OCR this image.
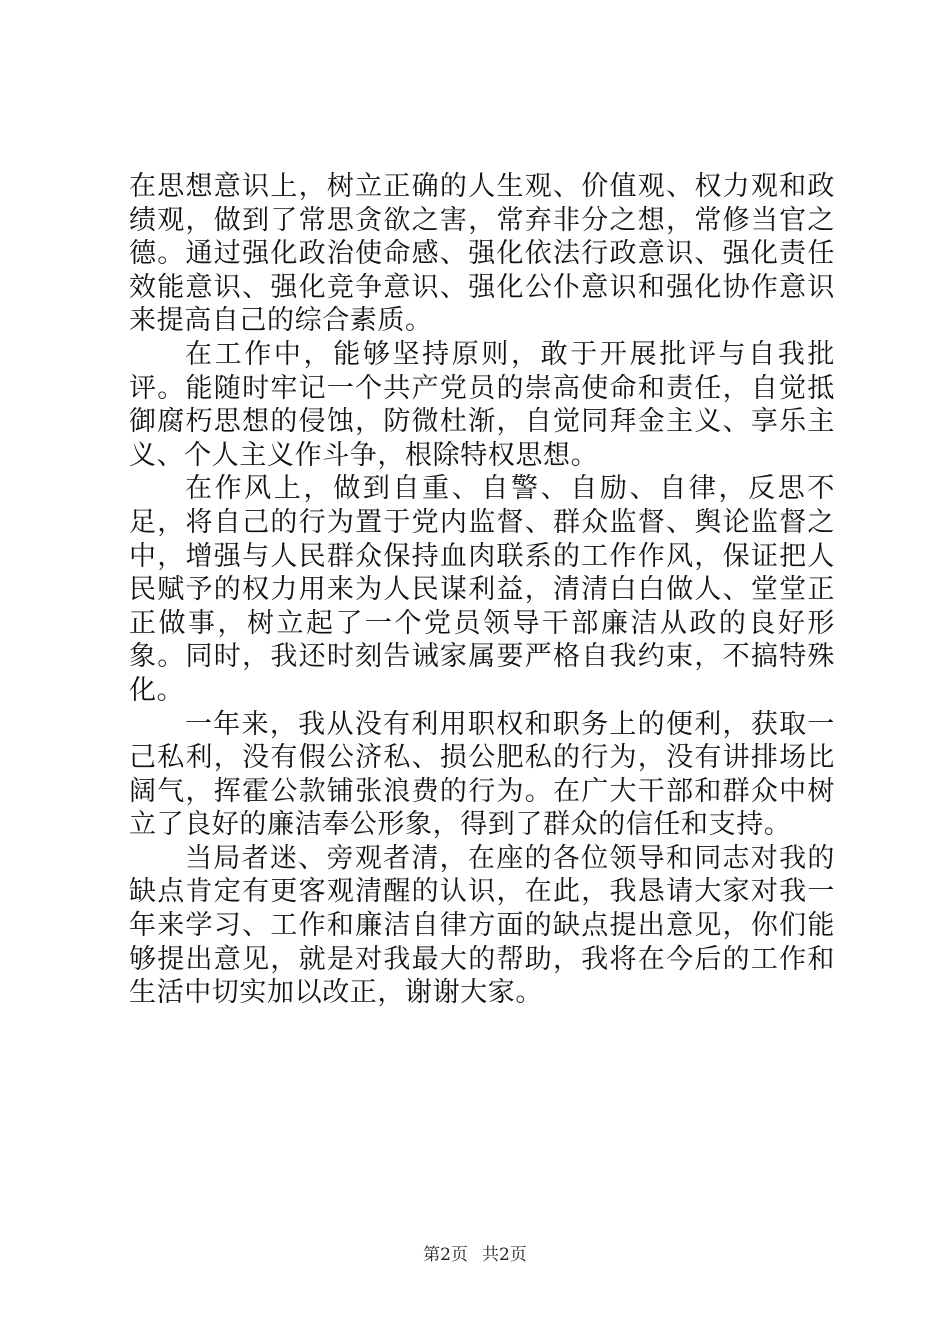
在思想意识上，树立正确的人生观、价值观、权力观和政绩观，做到了常思贪欲之害，常弃非分之想，常修当官之德。通过强化政治使命感、强化依法行政意识、强化责任效能意识、强化竞争意识、强化公仆意识和强化协作意识来提高自己的综合素质。

在工作中，能够坚持原则，敢于开展批评与自我批评。能随时牢记一个共产党员的崇高使命和责任，自觉抵御腐朽思想的侵蚀，防微杜渐，自觉同拜金主义、享乐主义、个人主义作斗争，根除特权思想。

在作风上，做到自重、自警、自励、自律，反思不足，将自己的行为置于党内监督、群众监督、舆论监督之中，增强与人民群众保持血肉联系的工作作风，保证把人民赋予的权力用来为人民谋利益，清清白白做人、堂堂正正做事，树立起了一个党员领导干部廉洁从政的良好形象。同时，我还时刻告诫家属要严格自我约束，不搞特殊化。

一年来，我从没有利用职权和职务上的便利，获取一己私利，没有假公济私、损公肥私的行为，没有讲排场比阔气，挥霍公款铺张浪费的行为。在广大干部和群众中树立了良好的廉洁奉公形象，得到了群众的信任和支持。

当局者迷、旁观者清，在座的各位领导和同志对我的缺点肯定有更客观清醒的认识，在此，我恳请大家对我一年来学习、工作和廉洁自律方面的缺点提出意见，你们能够提出意见，就是对我最大的帮助，我将在今后的工作和生活中切实加以改正，谢谢大家。

第2页 共2页
